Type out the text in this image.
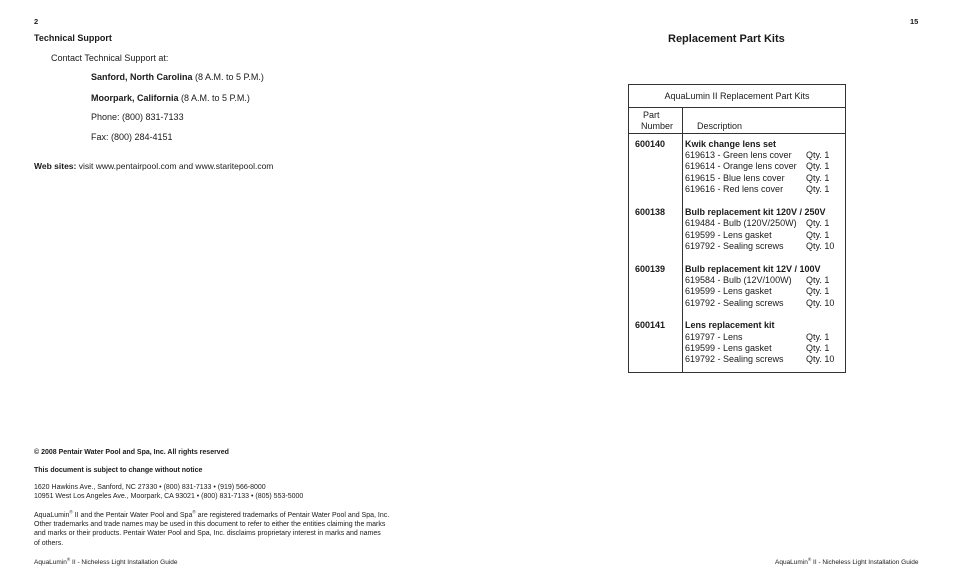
2
Technical Support
Contact Technical Support at:
Sanford, North Carolina (8 A.M. to 5 P.M.)
Moorpark, California (8 A.M. to 5 P.M.)
Phone: (800) 831-7133
Fax: (800) 284-4151
Web sites: visit www.pentairpool.com and www.staritepool.com
© 2008 Pentair Water Pool and Spa, Inc. All rights reserved
This document is subject to change without notice
1620 Hawkins Ave., Sanford, NC 27330 • (800) 831-7133 • (919) 566-8000
10951 West Los Angeles Ave., Moorpark, CA 93021 • (800) 831-7133 • (805) 553-5000
AquaLumin® II and the Pentair Water Pool and Spa® are registered trademarks of Pentair Water Pool and Spa, Inc.
Other trademarks and trade names may be used in this document to refer to either the entities claiming the marks
and marks or their products. Pentair Water Pool and Spa, Inc. disclaims proprietary interest in marks and names
of others.
AquaLumin® II - Nicheless Light Installation Guide
15
Replacement Part Kits
AquaLumin II Replacement Part Kits
Part
Number	Description
600140 Kwik change lens set
619613 - Green lens cover Qty. 1
619614 - Orange lens cover Qty. 1
619615 - Blue lens cover Qty. 1
619616 - Red lens cover	Qty. 1
600138 Bulb replacement kit 120V / 250V
619484 - Bulb (120V/250W) Qty. 1
619599 - Lens gasket	Qty. 1
619792 - Sealing screws Qty. 10
600139 Bulb replacement kit 12V / 100V
619584 - Bulb (12V/100W) Qty. 1
619599 - Lens gasket	Qty. 1
619792 - Sealing screws Qty. 10
600141 Lens replacement kit
619797 - Lens	Qty. 1
619599 - Lens gasket	Qty. 1
619792 - Sealing screws Qty. 10
AquaLumin® II - Nicheless Light Installation Guide
